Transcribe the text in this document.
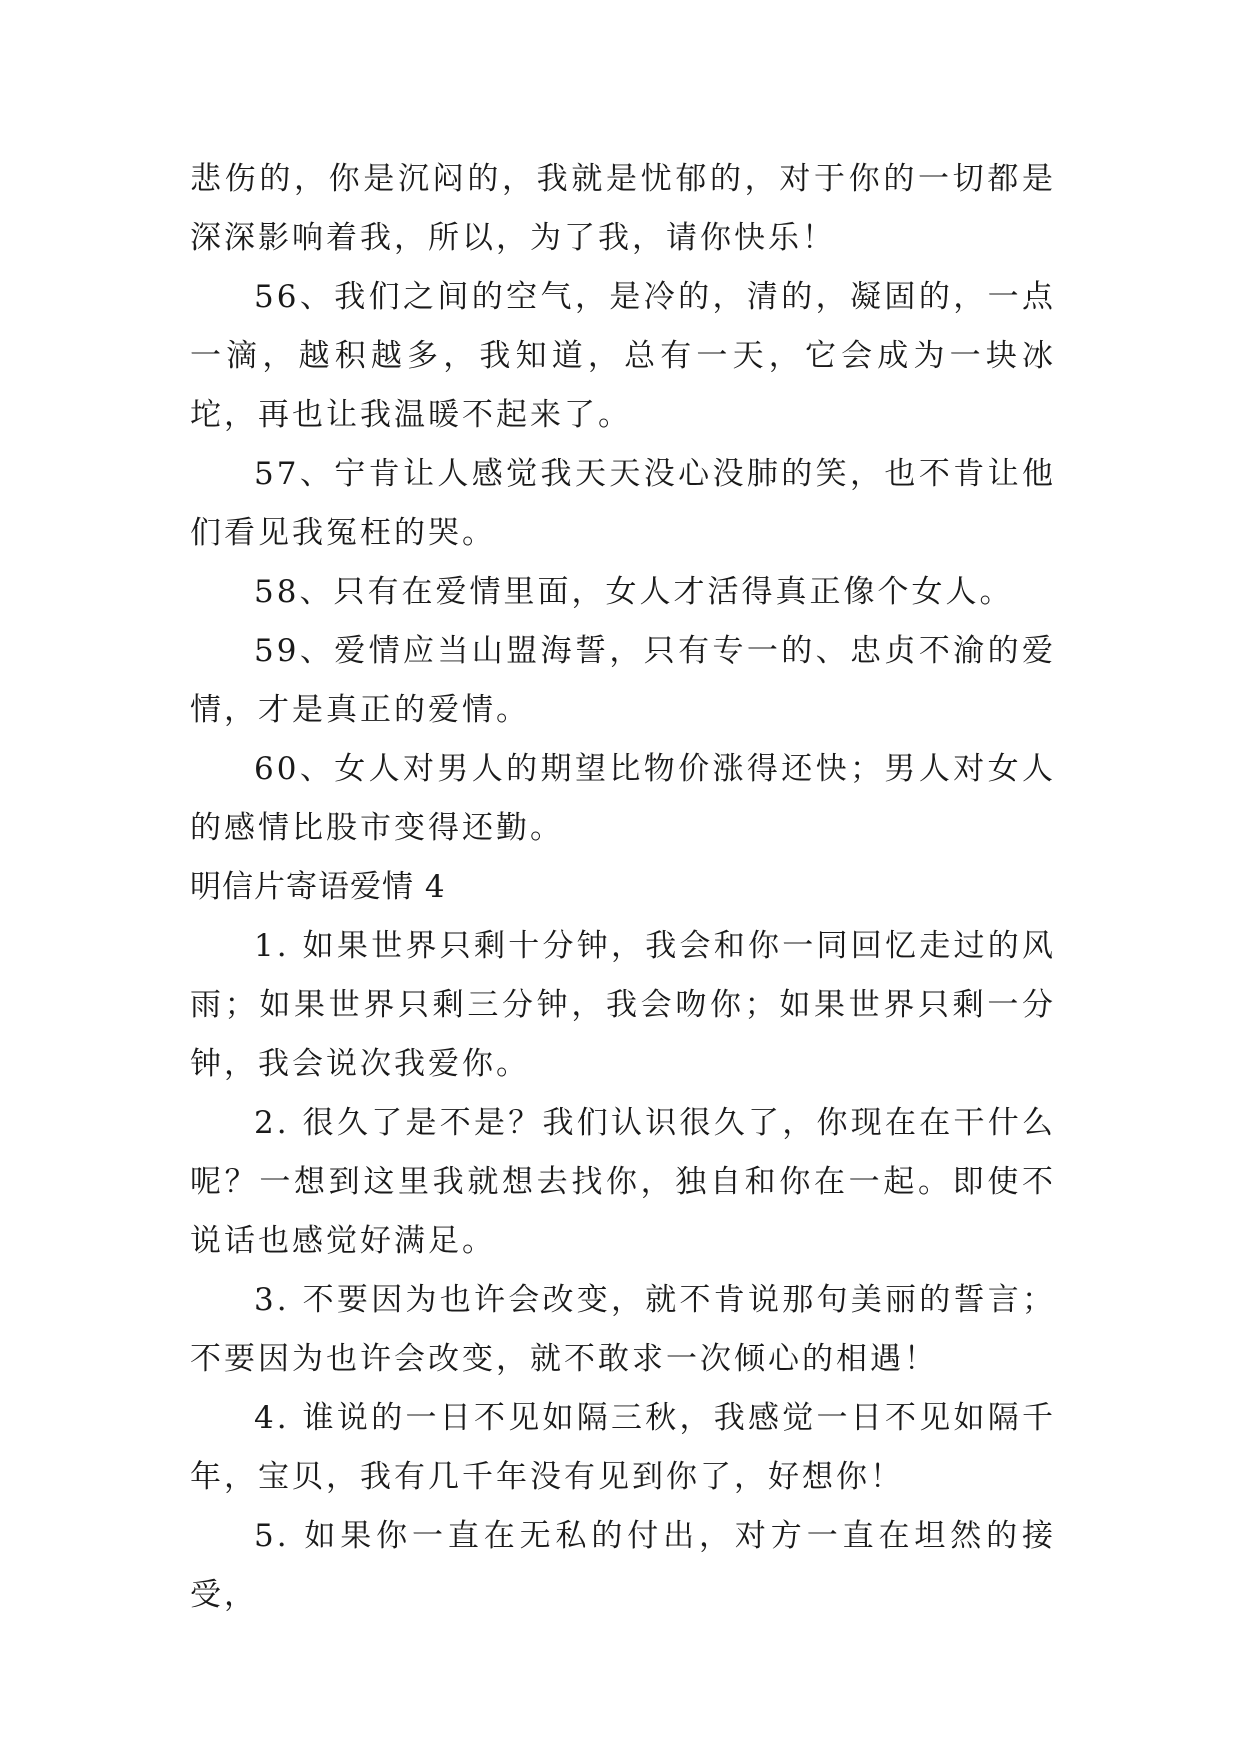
悲伤的，你是沉闷的，我就是忧郁的，对于你的一切都是深深影响着我，所以，为了我，请你快乐！

56、我们之间的空气，是冷的，清的，凝固的，一点一滴，越积越多，我知道，总有一天，它会成为一块冰坨，再也让我温暖不起来了。

57、宁肯让人感觉我天天没心没肺的笑，也不肯让他们看见我冤枉的哭。

58、只有在爱情里面，女人才活得真正像个女人。

59、爱情应当山盟海誓，只有专一的、忠贞不渝的爱情，才是真正的爱情。

60、女人对男人的期望比物价涨得还快；男人对女人的感情比股市变得还勤。

明信片寄语爱情 4

1. 如果世界只剩十分钟，我会和你一同回忆走过的风雨；如果世界只剩三分钟，我会吻你；如果世界只剩一分钟，我会说次我爱你。

2. 很久了是不是？我们认识很久了，你现在在干什么呢？一想到这里我就想去找你，独自和你在一起。即使不说话也感觉好满足。

3. 不要因为也许会改变，就不肯说那句美丽的誓言；不要因为也许会改变，就不敢求一次倾心的相遇！

4. 谁说的一日不见如隔三秋，我感觉一日不见如隔千年，宝贝，我有几千年没有见到你了，好想你！

5. 如果你一直在无私的付出，对方一直在坦然的接受，
